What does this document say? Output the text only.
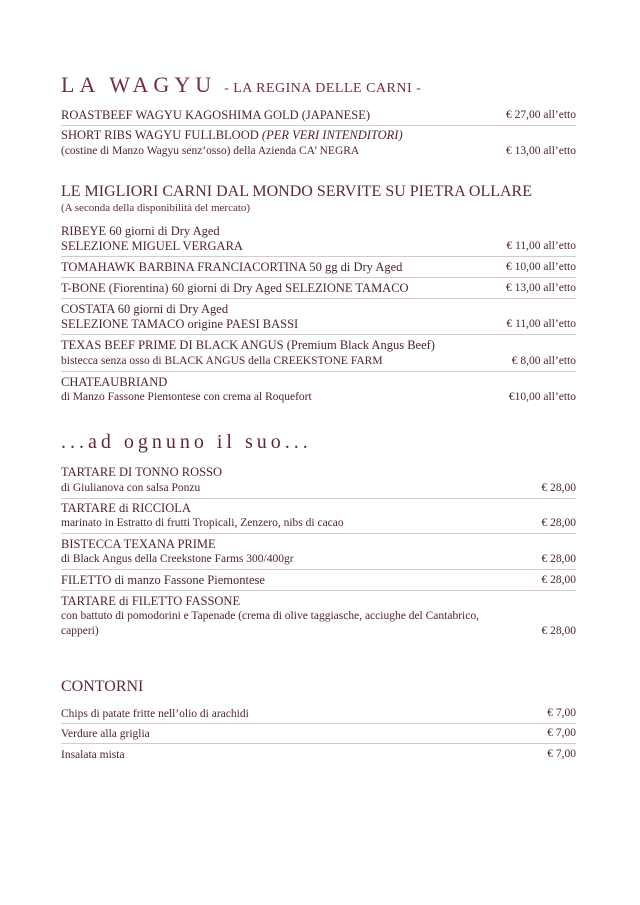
LA WAGYU - LA REGINA DELLE CARNI -
ROASTBEEF WAGYU KAGOSHIMA GOLD (JAPANESE)	€ 27,00 all’etto
SHORT RIBS WAGYU FULLBLOOD (PER VERI INTENDITORI)
(costine di Manzo Wagyu senz’osso) della Azienda CA’ NEGRA	€ 13,00 all’etto
LE MIGLIORI CARNI DAL MONDO SERVITE SU PIETRA OLLARE
(A seconda della disponibilità del mercato)
RIBEYE 60 giorni di Dry Aged
SELEZIONE MIGUEL VERGARA	€ 11,00 all’etto
TOMAHAWK BARBINA FRANCIACORTINA 50 gg di Dry Aged	€ 10,00 all’etto
T-BONE (Fiorentina) 60 giorni di Dry Aged SELEZIONE TAMACO	€ 13,00 all’etto
COSTATA 60 giorni di Dry Aged
SELEZIONE TAMACO origine PAESI BASSI	€ 11,00 all’etto
TEXAS BEEF PRIME DI BLACK ANGUS (Premium Black Angus Beef)
bistecca senza osso di BLACK ANGUS della CREEKSTONE FARM	€ 8,00 all’etto
CHATEAUBRIAND
di Manzo Fassone Piemontese con crema al Roquefort	€10,00 all’etto
...ad ognuno il suo...
TARTARE DI TONNO ROSSO
di Giulianova con salsa Ponzu	€ 28,00
TARTARE di RICCIOLA
marinato in Estratto di frutti Tropicali, Zenzero, nibs di cacao	€ 28,00
BISTECCA TEXANA PRIME
di Black Angus della Creekstone Farms 300/400gr	€ 28,00
FILETTO di manzo Fassone Piemontese	€ 28,00
TARTARE di FILETTO FASSONE
con battuto di pomodorini e Tapenade (crema di olive taggiasche, acciughe del Cantabrico,
capperi)	€ 28,00
CONTORNI
Chips di patate fritte nell’olio di arachidi	€ 7,00
Verdure alla griglia	€ 7,00
Insalata mista	€ 7,00
